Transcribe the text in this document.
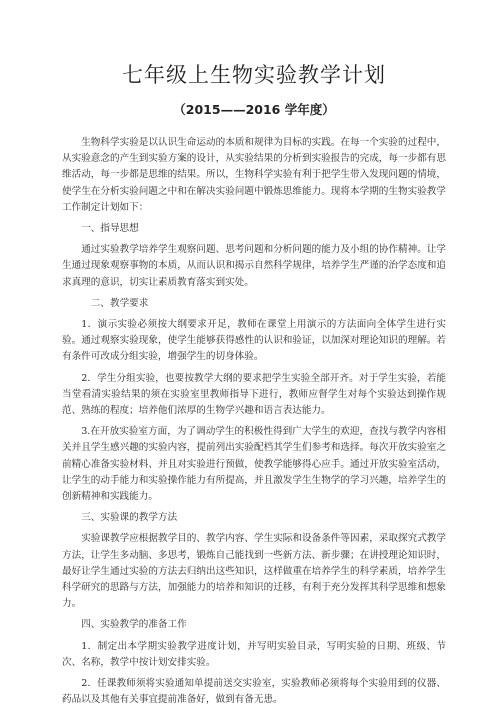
七年级上生物实验教学计划
（2015——2016 学年度）

生物科学实验是以认识生命运动的本质和规律为目标的实践。在每一个实验的过程中，从实验意念的产生到实验方案的设计，从实验结果的分析到实验报告的完成，每一步都有思维活动，每一步都是思维的结果。所以，生物科学实验有利于把学生带入发现问题的情境，使学生在分析实验问题之中和在解决实验问题中锻炼思维能力。现将本学期的生物实验教学工作制定计划如下：

一、指导思想

通过实验教学培养学生观察问题、思考问题和分析问题的能力及小组的协作精神。让学生通过现象观察事物的本质，从而认识和揭示自然科学规律，培养学生严谨的治学态度和追求真理的意识，切实让素质教育落实到实处。

二、教学要求

1．演示实验必须按大纲要求开足，教师在课堂上用演示的方法面向全体学生进行实验。通过观察实验现象，使学生能够获得感性的认识和验证，以加深对理论知识的理解。若有条件可改成分组实验，增强学生的切身体验。

2．学生分组实验，也要按教学大纲的要求把学生实验全部开齐。对于学生实验，若能当堂看清实验结果的须在实验室里教师指导下进行，教师应督学生对每个实验达到操作规范、熟练的程度；培养他们浓厚的生物学兴趣和语言表达能力。

3.在开放实验室方面，为了调动学生的积极性得到广大学生的欢迎，查找与教学内容相关并且学生感兴趣的实验内容，提前列出实验配档其学生们参考和选择。每次开放实验室之前精心准备实验材料、并且对实验进行预做，使教学能够得心应手。通过开放实验室活动，让学生的动手能力和实验操作能力有所提高，并且激发学生生物学的学习兴趣，培养学生的创新精神和实践能力。

三、实验课的教学方法

实验课教学应根据教学目的、教学内容、学生实际和设备条件等因素，采取探究式教学方法，让学生多动脑、多思考，锻炼自己能找到一些新方法、新步骤；在讲授理论知识时，最好让学生通过实验的方法去归纳出这些知识，这样做重在培养学生的科学素质，培养学生科学研究的思路与方法，加强能力的培养和知识的迁移，有利于充分发挥其科学思维和想象力。

四、实验教学的准备工作

1．制定出本学期实验教学进度计划，并写明实验目录，写明实验的日期、班级、节次、名称，教学中按计划安排实验。

2．任课教师须将实验通知单提前送交实验室，实验教师必须将每个实验用到的仪器、药品以及其他有关事宜提前准备好，做到有备无患。
